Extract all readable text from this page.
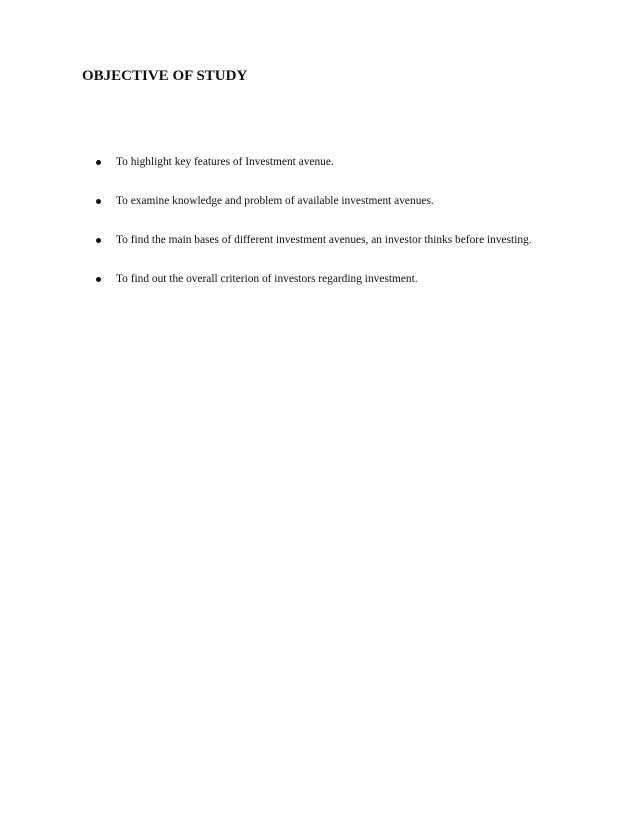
OBJECTIVE OF STUDY
To highlight key features of Investment avenue.
To examine knowledge and problem of available investment avenues.
To find the main bases of different investment avenues, an investor thinks before investing.
To find out the overall criterion of investors regarding investment.
